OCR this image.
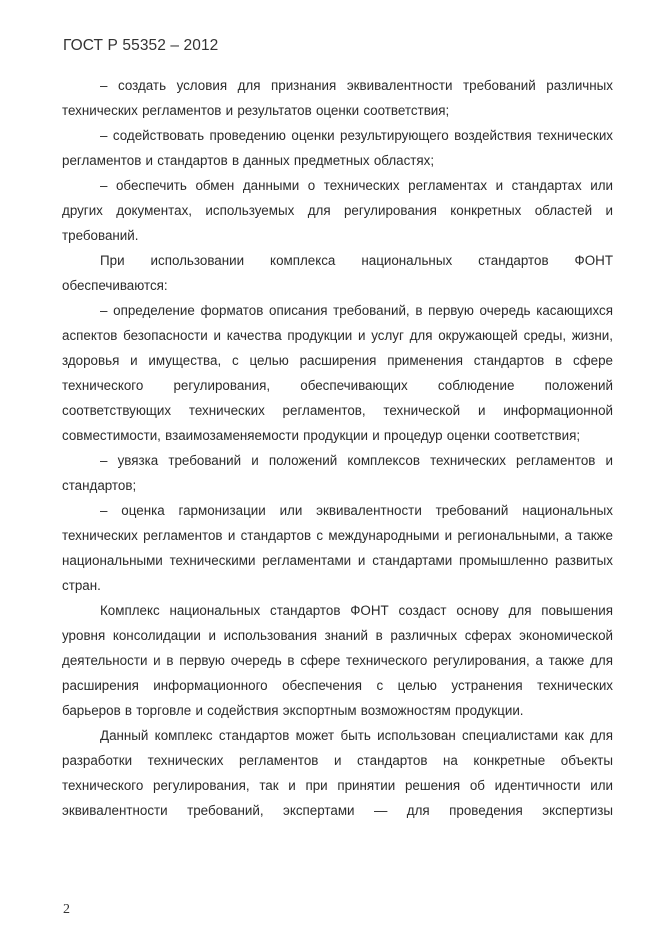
ГОСТ Р 55352 – 2012

– создать условия для признания эквивалентности требований различных технических регламентов и результатов оценки соответствия;

– содействовать проведению оценки результирующего воздействия технических регламентов и стандартов в данных предметных областях;

– обеспечить обмен данными о технических регламентах и стандартах или других документах, используемых для регулирования конкретных областей и требований.

При использовании комплекса национальных стандартов ФОНТ обеспечиваются:

– определение форматов описания требований, в первую очередь касающихся аспектов безопасности и качества продукции и услуг для окружающей среды, жизни, здоровья и имущества, с целью расширения применения стандартов в сфере технического регулирования, обеспечивающих соблюдение положений соответствующих технических регламентов, технической и информационной совместимости, взаимозаменяемости продукции и процедур оценки соответствия;

– увязка требований и положений комплексов технических регламентов и стандартов;

– оценка гармонизации или эквивалентности требований национальных технических регламентов и стандартов с международными и региональными, а также национальными техническими регламентами и стандартами промышленно развитых стран.

Комплекс национальных стандартов ФОНТ создаст основу для повышения уровня консолидации и использования знаний в различных сферах экономической деятельности и в первую очередь в сфере технического регулирования, а также для расширения информационного обеспечения с целью устранения технических барьеров в торговле и содействия экспортным возможностям продукции.

Данный комплекс стандартов может быть использован специалистами как для разработки технических регламентов и стандартов на конкретные объекты технического регулирования, так и при принятии решения об идентичности или эквивалентности требований, экспертами — для проведения экспертизы

2
